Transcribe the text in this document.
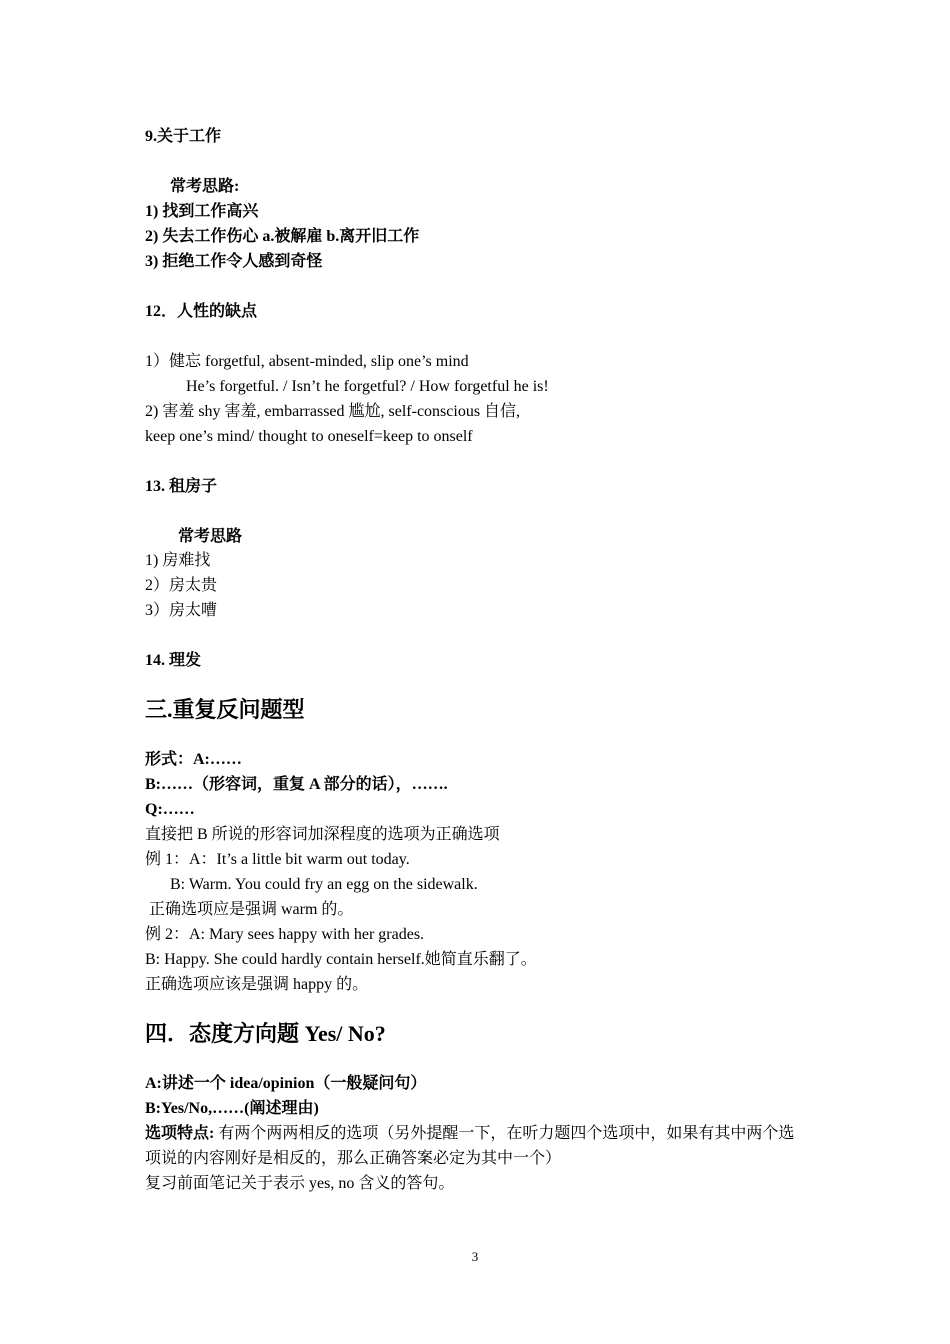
9.关于工作
常考思路:
1) 找到工作高兴
2) 失去工作伤心 a.被解雇 b.离开旧工作
3) 拒绝工作令人感到奇怪
12．人性的缺点
1）健忘 forgetful, absent-minded, slip one’s mind
He’s forgetful. / Isn’t he forgetful? / How forgetful he is!
2) 害羞 shy 害羞, embarrassed 尴尬, self-conscious 自信,
keep one’s mind/ thought to oneself=keep to onself
13. 租房子
常考思路
1) 房难找
2）房太贵
3）房太嘈
14. 理发
三.重复反问题型
形式：A:……
B:……（形容词，重复 A 部分的话），…….
Q:……
直接把 B 所说的形容词加深程度的选项为正确选项
例 1：A：It’s a little bit warm out today.
B: Warm. You could fry an egg on the sidewalk.
正确选项应是强调 warm 的。
例 2：A: Mary sees happy with her grades.
B: Happy. She could hardly contain herself.她简直乐翻了。
正确选项应该是强调 happy 的。
四．态度方向题 Yes/ No?
A:讲述一个 idea/opinion（一般疑问句）
B:Yes/No,……(阐述理由)
选项特点: 有两个两两相反的选项（另外提醒一下，在听力题四个选项中，如果有其中两个选项说的内容刚好是相反的，那么正确答案必定为其中一个）
复习前面笔记关于表示 yes, no 含义的答句。
3
